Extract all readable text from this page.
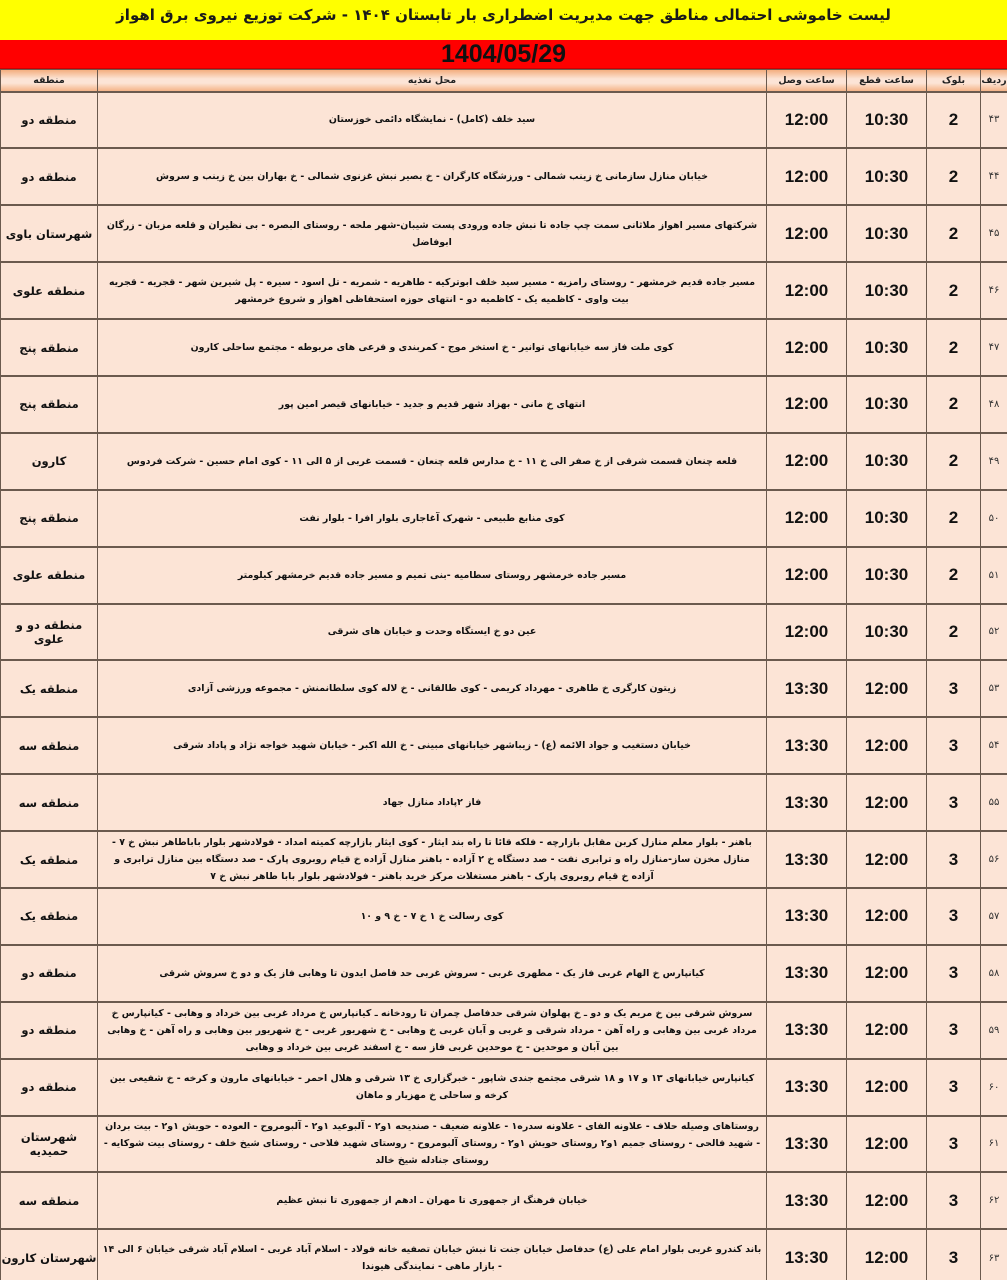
لیست خاموشی احتمالی مناطق جهت مدیریت اضطراری بار تابستان ۱۴۰۴ - شرکت توزیع نیروی برق اهواز
1404/05/29
ردیف	بلوک	ساعت قطع	ساعت وصل	محل تغذیه	منطقه
۴۳	2	10:30	12:00	سید خلف (کامل) - نمایشگاه دائمی خوزستان	منطقه دو
۴۴	2	10:30	12:00	خیابان منازل سازمانی خ زینب شمالی - ورزشگاه کارگران - خ بصیر نبش غزنوی شمالی - خ بهاران بین خ زینب و سروش	منطقه دو
۴۵	2	10:30	12:00	شرکتهای مسیر اهواز ملاثانی سمت چپ جاده تا نبش جاده ورودی پست شیبان-شهر ملحه - روستای البصره - بی نظیران و قلعه مزبان - زرگان ابوفاضل	شهرستان باوی
۴۶	2	10:30	12:00	مسیر جاده قدیم خرمشهر - روستای رامزیه - مسیر سید خلف ابوترکیه - طاهریه - شمریه - تل اسود - سیره - پل شیرین شهر - قجریه - قجریه بیت واوی - کاظمیه یک - کاظمیه دو - انتهای حوزه استحفاظی اهواز و شروع خرمشهر	منطقه علوی
۴۷	2	10:30	12:00	کوی ملت فاز سه خیابانهای توانیر - خ استخر موج - کمربندی و فرعی های مربوطه - مجتمع ساحلی کارون	منطقه پنج
۴۸	2	10:30	12:00	انتهای خ مانی - بهزاد شهر قدیم و جدید - خیابانهای قیصر امین پور	منطقه پنج
۴۹	2	10:30	12:00	قلعه چنعان قسمت شرقی از خ صفر الی خ ۱۱ - خ مدارس قلعه چنعان - قسمت غربی از ۵ الی ۱۱ - کوی امام حسین - شرکت فردوس	کارون
۵۰	2	10:30	12:00	کوی منابع طبیعی - شهرک آغاجاری بلوار افرا - بلوار نفت	منطقه پنج
۵۱	2	10:30	12:00	مسیر جاده خرمشهر روستای سطامیه -بنی تمیم و مسیر جاده قدیم خرمشهر کیلومتر	منطقه علوی
۵۲	2	10:30	12:00	عین دو خ ایستگاه وحدت و خیابان های شرقی	منطقه دو و علوی
۵۳	3	12:00	13:30	زیتون کارگری خ طاهری - مهرداد کریمی - کوی طالقانی - خ لاله کوی سلطانمنش - مجموعه ورزشی آزادی	منطقه یک
۵۴	3	12:00	13:30	خیابان دستغیب و جواد الائمه (ع) - زیباشهر خیابانهای مبینی - خ الله اکبر - خیابان شهید خواجه نژاد و پاداد شرقی	منطقه سه
۵۵	3	12:00	13:30	فاز ۲پاداد منازل جهاد	منطقه سه
۵۶	3	12:00	13:30	باهنر - بلوار معلم منازل کربن مقابل بازارچه - فلکه قائا تا راه بند ایثار - کوی ایثار بازارچه کمیته امداد - فولادشهر بلوار باباطاهر نبش خ ۷ - منازل مخزن ساز-منازل راه و ترابری نفت - صد دستگاه خ ۲ آزاده - باهنر منازل آزاده خ قیام روبروی پارک - صد دستگاه بین منازل ترابری و آزاده خ قیام روبروی پارک - باهنر مستغلات مرکز خرید باهنر - فولادشهر بلوار بابا طاهر نبش خ ۷	منطقه یک
۵۷	3	12:00	13:30	کوی رسالت خ ۱ خ ۷ - خ ۹ و ۱۰	منطقه یک
۵۸	3	12:00	13:30	کیانپارس خ الهام غربی فاز یک - مطهری غربی - سروش غربی حد فاصل ایدون تا وهابی فاز یک و دو خ سروش شرقی	منطقه دو
۵۹	3	12:00	13:30	سروش شرقی بین خ مریم یک و دو ـ خ پهلوان شرقی حدفاصل چمران تا رودخانه ـ کیانپارس خ مرداد غربی بین خرداد و وهابی - کیانپارس خ مرداد غربی بین وهابی و راه آهن - مرداد شرقی و غربی و آبان غربی خ وهابی - خ شهریور غربی - خ شهریور بین وهابی و راه آهن - خ وهابی بین آبان و موحدین - خ موحدین غربی فاز سه - خ اسفند غربی بین خرداد و وهابی	منطقه دو
۶۰	3	12:00	13:30	کیانپارس خیابانهای ۱۳ و ۱۷ و ۱۸ شرقی مجتمع جندی شاپور - خبرگزاری خ ۱۳ شرقی و هلال احمر - خیابانهای مارون و کرخه - خ شفیعی بین کرخه و ساحلی خ مهزیار و ماهان	منطقه دو
۶۱	3	12:00	13:30	روستاهای وصیله حلاف - علاونه الفای - علاونه سدره۱ - علاونه ضعیف - صندیحه ۱و۲ - آلبوعید ۱و۲ - آلبومروح - العوده - حویش ۱و۲ - بیت بردان - شهید فالحی - روستای جمیم ۱و۲ روستای حویش ۱و۲ - روستای آلبومروح - روستای شهید فلاحی - روستای شیخ خلف - روستای بیت شوکایه - روستای جنادله شیخ خالد	شهرستان حمیدیه
۶۲	3	12:00	13:30	خیابان فرهنگ از جمهوری تا مهران ـ ادهم از جمهوری تا نبش عظیم	منطقه سه
۶۳	3	12:00	13:30	باند کندرو غربی بلوار امام علی (ع) حدفاصل خیابان جنت تا نبش خیابان تصفیه خانه فولاد - اسلام آباد غربی - اسلام آباد شرقی خیابان ۶ الی ۱۴ - بازار ماهی - نمایندگی هیوندا	شهرستان کارون
